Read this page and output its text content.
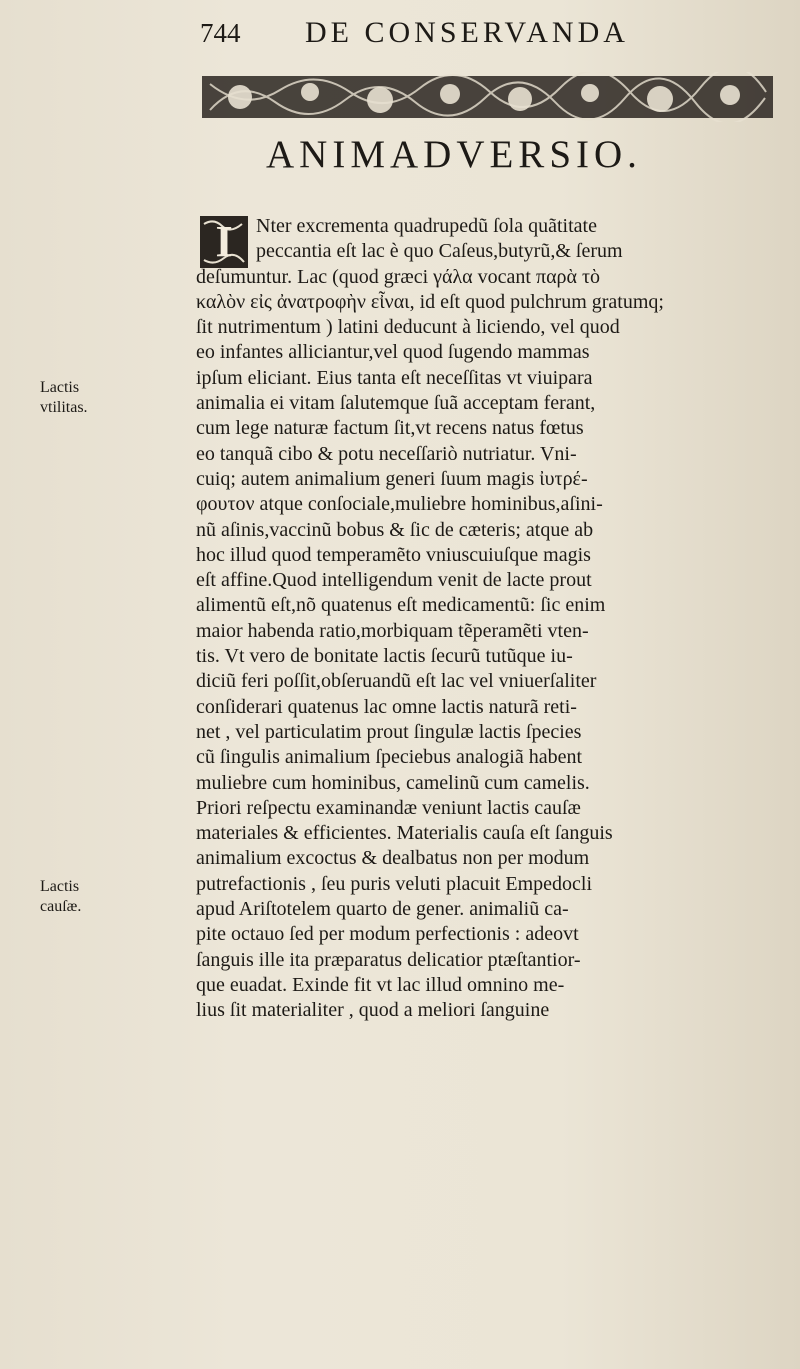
744 DE CONSERVANDA
ANIMADVERSIO.
I	Nter excrementa quadrupedũ ſola quãtitate
peccantia eſt lac è quo Caſeus,butyrũ,& ſerum
deſumuntur. Lac (quod græci γάλα vocant παρὰ τὸ
καλὸν εἰς ἀνατροφὴν εἶναι, id eſt quod pulchrum gratumq;
ſit nutrimentum ) latini deducunt à liciendo, vel quod
eo infantes alliciantur,vel quod ſugendo mammas
ipſum eliciant. Eius tanta eſt neceſſitas vt viuipara
animalia ei vitam ſalutemque ſuã acceptam ferant,
cum lege naturæ factum ſit,vt recens natus fœtus
eo tanquã cibo & potu neceſſariò nutriatur. Vni-
cuiq; autem animalium generi ſuum magis ἰυτρέ-
φουτον atque conſociale,muliebre hominibus,aſini-
nũ aſinis,vaccinũ bobus & ſic de cæteris; atque ab
hoc illud quod temperamẽto vniuscuiuſque magis
eſt affine.Quod intelligendum venit de lacte prout
alimentũ eſt,nõ quatenus eſt medicamentũ: ſic enim
maior habenda ratio,morbiquam tẽperamẽti vten-
tis. Vt vero de bonitate lactis ſecurũ tutũque iu-
diciũ feri poſſit,obſeruandũ eſt lac vel vniuerſaliter
conſiderari quatenus lac omne lactis naturã reti-
net , vel particulatim prout ſingulæ lactis ſpecies
cũ ſingulis animalium ſpeciebus analogiã habent
muliebre cum hominibus, camelinũ cum camelis.
Priori reſpectu examinandæ veniunt lactis cauſæ
materiales & efficientes. Materialis cauſa eſt ſanguis
animalium excoctus & dealbatus non per modum
putrefactionis , ſeu puris veluti placuit Empedocli
apud Ariſtotelem quarto de gener. animaliũ ca-
pite octauo ſed per modum perfectionis : adeovt
ſanguis ille ita præparatus delicatior ptæſtantior-
que euadat. Exinde fit vt lac illud omnino me-
lius ſit materialiter , quod a meliori ſanguine
Lactis
vtilitas.
Lactis
cauſæ.
